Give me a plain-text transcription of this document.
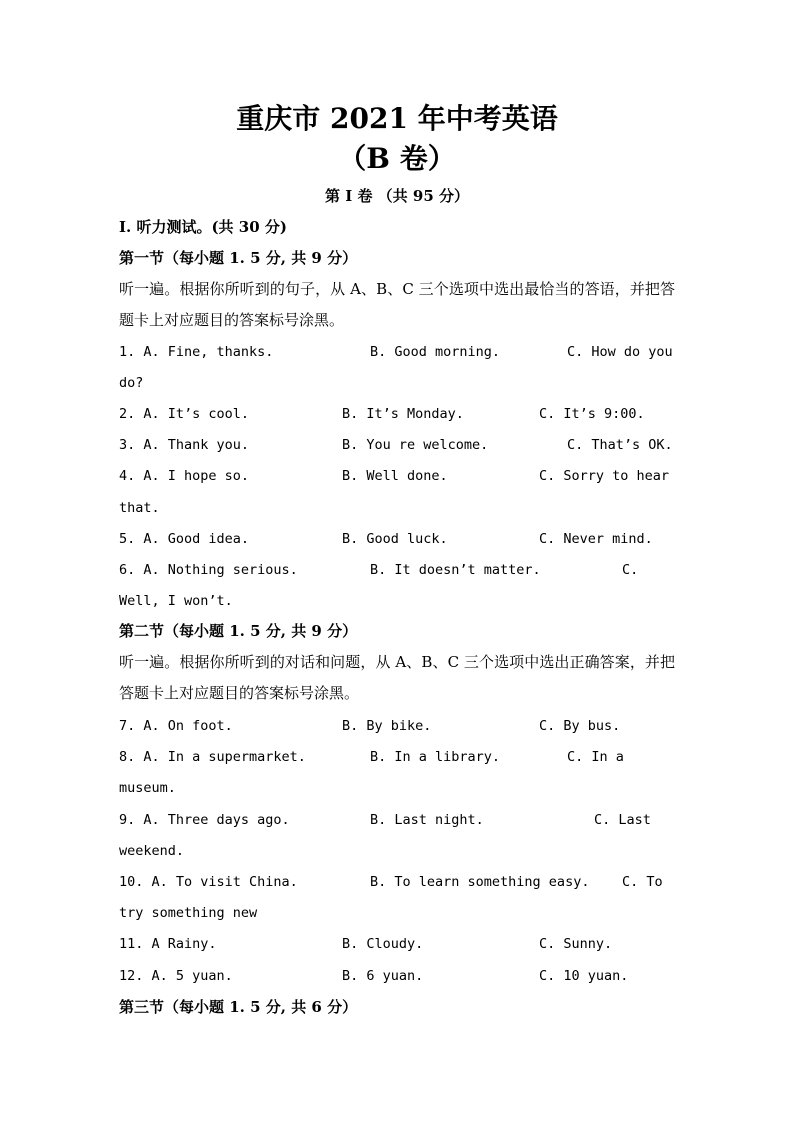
重庆市 2021 年中考英语
（B 卷）
第 I 卷 （共 95 分）
I. 听力测试。(共 30 分)
第一节（每小题 1. 5 分, 共 9 分）
听一遍。根据你所听到的句子，从 A、B、C 三个选项中选出最恰当的答语，并把答题卡上对应题目的答案标号涂黑。
1. A. Fine, thanks.	B. Good morning.	C. How do you
do?
2. A. It’s cool.	B. It’s Monday.	C. It’s 9:00.
3. A. Thank you.	B. You re welcome.	C. That’s OK.
4. A. I hope so.	B. Well done.	C. Sorry to hear
that.
5. A. Good idea.	B. Good luck.	C. Never mind.
6. A. Nothing serious.	B. It doesn’t matter.	C.
Well, I won’t.
第二节（每小题 1. 5 分, 共 9 分）
听一遍。根据你所听到的对话和问题，从 A、B、C 三个选项中选出正确答案，并把答题卡上对应题目的答案标号涂黑。
7. A. On foot.	B. By bike.	C. By bus.
8. A. In a supermarket.	B. In a library.	C. In a
museum.
9. A. Three days ago.	B. Last night.	C. Last
weekend.
10. A. To visit China.	B. To learn something easy. C. To
try something new
11. A Rainy.	B. Cloudy.	C. Sunny.
12. A. 5 yuan.	B. 6 yuan.	C. 10 yuan.
第三节（每小题 1. 5 分, 共 6 分）
